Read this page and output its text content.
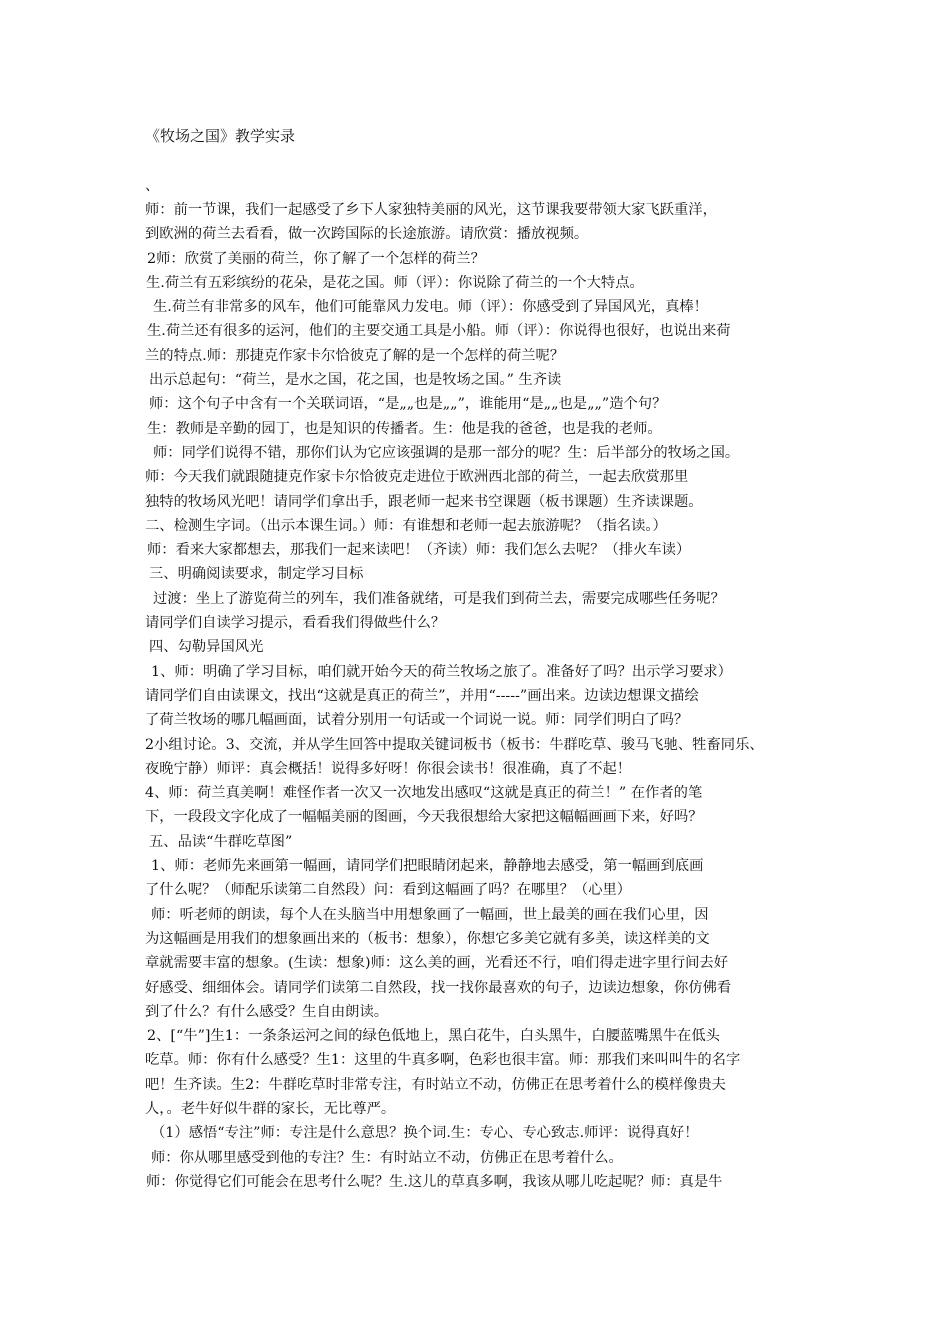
《牧场之国》教学实录
、
师：前一节课，我们一起感受了乡下人家独特美丽的风光，这节课我要带领大家飞跃重洋，
到欧洲的荷兰去看看，做一次跨国际的长途旅游。请欣赏：播放视频。
2师：欣赏了美丽的荷兰，你了解了一个怎样的荷兰？
生.荷兰有五彩缤纷的花朵，是花之国。师（评）：你说除了荷兰的一个大特点。
生.荷兰有非常多的风车，他们可能靠风力发电。师（评）：你感受到了异国风光，真棒！
生.荷兰还有很多的运河，他们的主要交通工具是小船。师（评）：你说得也很好，也说出来荷
兰的特点.师：那捷克作家卡尔恰彼克了解的是一个怎样的荷兰呢？
出示总起句：“荷兰，是水之国，花之国，也是牧场之国。” 生齐读
师：这个句子中含有一个关联词语，“是„„也是„„”，谁能用“是„„也是„„”造个句？
生：教师是辛勤的园丁，也是知识的传播者。生：他是我的爸爸，也是我的老师。
师：同学们说得不错，那你们认为它应该强调的是那一部分的呢？生：后半部分的牧场之国。
师：今天我们就跟随捷克作家卡尔恰彼克走进位于欧洲西北部的荷兰，一起去欣赏那里
独特的牧场风光吧！请同学们拿出手，跟老师一起来书空课题（板书课题）生齐读课题。
二、检测生字词。（出示本课生词。）师：有谁想和老师一起去旅游呢？（指名读。）
师：看来大家都想去，那我们一起来读吧！（齐读）师：我们怎么去呢？（排火车读）
三、明确阅读要求，制定学习目标
过渡：坐上了游览荷兰的列车，我们准备就绪，可是我们到荷兰去，需要完成哪些任务呢？
请同学们自读学习提示，看看我们得做些什么？
四、勾勒异国风光
1、师：明确了学习目标，咱们就开始今天的荷兰牧场之旅了。准备好了吗？出示学习要求）
请同学们自由读课文，找出“这就是真正的荷兰”，并用“-----”画出来。边读边想课文描绘
了荷兰牧场的哪几幅画面，试着分别用一句话或一个词说一说。师：同学们明白了吗？
2小组讨论。3、交流，并从学生回答中提取关键词板书（板书：牛群吃草、骏马飞驰、牲畜同乐、
夜晚宁静）师评：真会概括！说得多好呀！你很会读书！很准确，真了不起！
4、师：荷兰真美啊！难怪作者一次又一次地发出感叹“这就是真正的荷兰！” 在作者的笔
下，一段段文字化成了一幅幅美丽的图画，今天我很想给大家把这幅幅画画下来，好吗？
五、品读“牛群吃草图”
1、师：老师先来画第一幅画，请同学们把眼睛闭起来，静静地去感受，第一幅画到底画
了什么呢？（师配乐读第二自然段）问：看到这幅画了吗？在哪里？（心里）
师：听老师的朗读，每个人在头脑当中用想象画了一幅画，世上最美的画在我们心里，因
为这幅画是用我们的想象画出来的（板书：想象），你想它多美它就有多美，读这样美的文
章就需要丰富的想象。(生读：想象)师：这么美的画，光看还不行，咱们得走进字里行间去好
好感受、细细体会。请同学们读第二自然段，找一找你最喜欢的句子，边读边想象，你仿佛看
到了什么？有什么感受？生自由朗读。
2、[“牛”]生1：一条条运河之间的绿色低地上，黑白花牛，白头黑牛，白腰蓝嘴黑牛在低头
吃草。师：你有什么感受？生1：这里的牛真多啊，色彩也很丰富。师：那我们来叫叫牛的名字
吧！生齐读。生2：牛群吃草时非常专注，有时站立不动，仿佛正在思考着什么的模样像贵夫
人，。老牛好似牛群的家长，无比尊严。
（1）感悟“专注”师：专注是什么意思？换个词.生：专心、专心致志.师评：说得真好！
师：你从哪里感受到他的专注？生：有时站立不动，仿佛正在思考着什么。
师：你觉得它们可能会在思考什么呢？生.这儿的草真多啊，我该从哪儿吃起呢？师：真是牛
